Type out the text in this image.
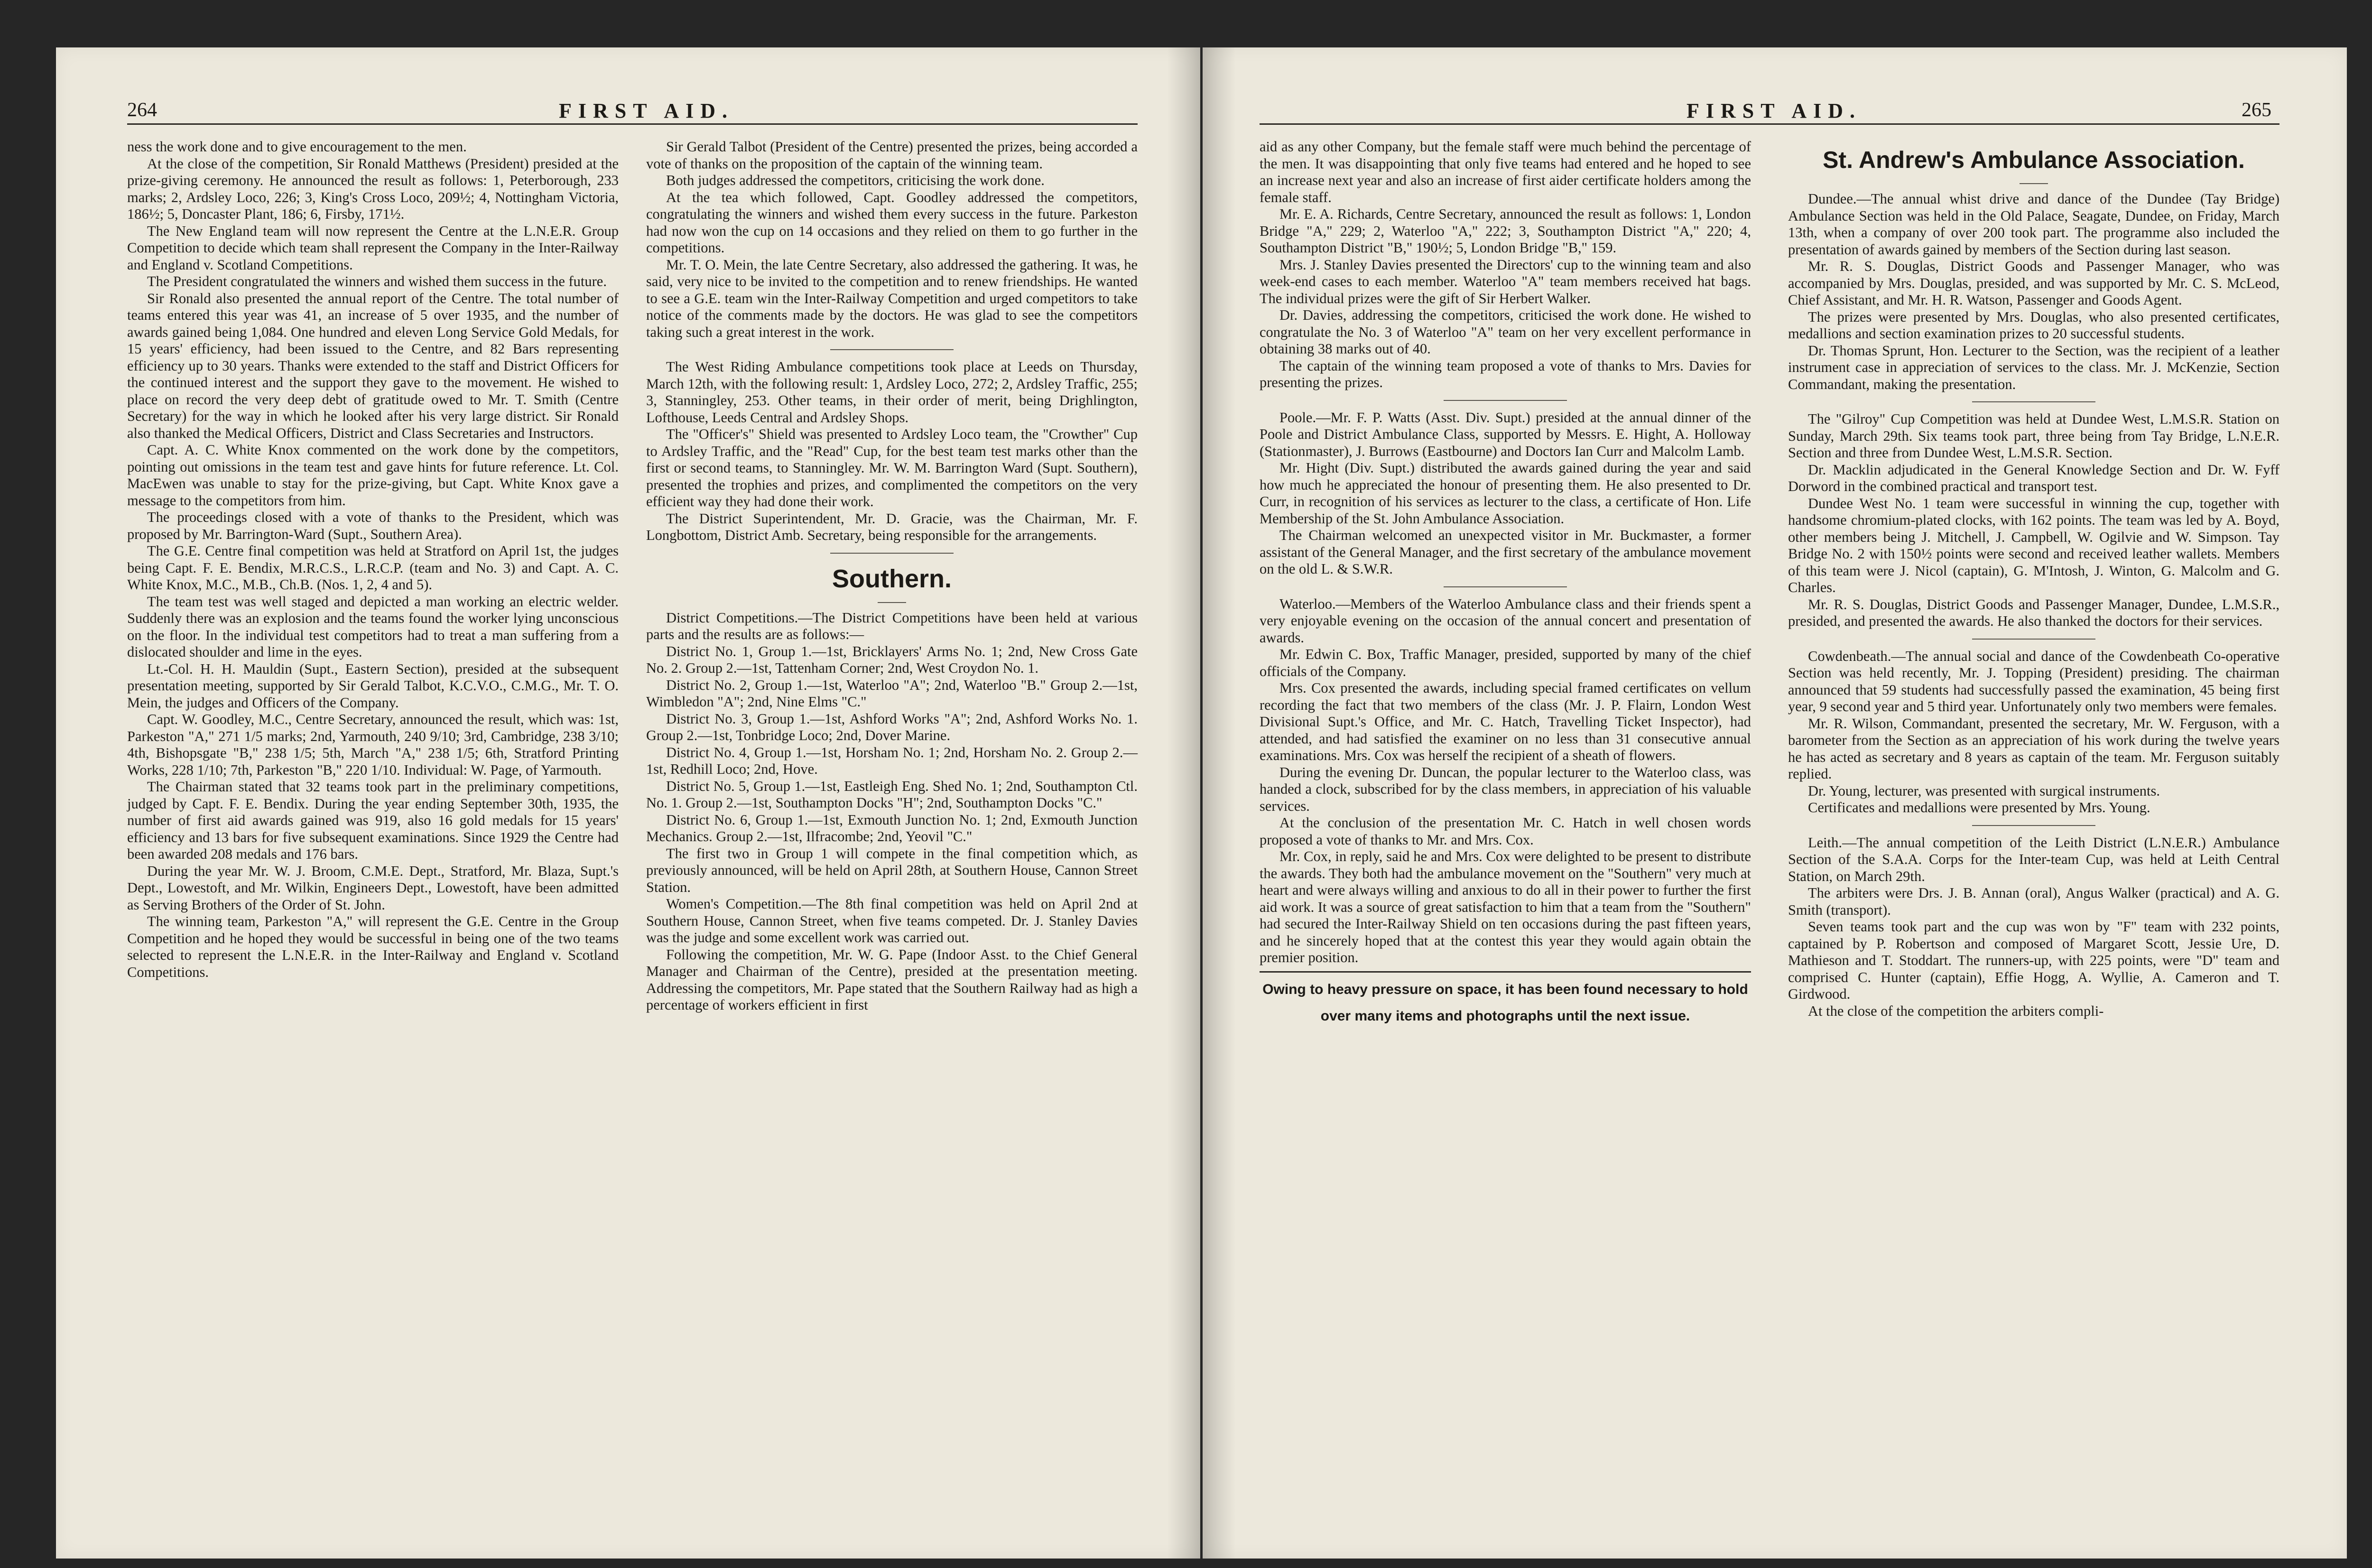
264	FIRST AID.

ness the work done and to give encouragement to the men.

At the close of the competition, Sir Ronald Matthews (President) presided at the prize-giving ceremony. He announced the result as follows: 1, Peterborough, 233 marks; 2, Ardsley Loco, 226; 3, King's Cross Loco, 209½; 4, Nottingham Victoria, 186½; 5, Doncaster Plant, 186; 6, Firsby, 171½.

The New England team will now represent the Centre at the L.N.E.R. Group Competition to decide which team shall represent the Company in the Inter-Railway and England v. Scotland Competitions.

The President congratulated the winners and wished them success in the future.

Sir Ronald also presented the annual report of the Centre. The total number of teams entered this year was 41, an increase of 5 over 1935, and the number of awards gained being 1,084. One hundred and eleven Long Service Gold Medals, for 15 years' efficiency, had been issued to the Centre, and 82 Bars representing efficiency up to 30 years. Thanks were extended to the staff and District Officers for the continued interest and the support they gave to the movement. He wished to place on record the very deep debt of gratitude owed to Mr. T. Smith (Centre Secretary) for the way in which he looked after his very large district. Sir Ronald also thanked the Medical Officers, District and Class Secretaries and Instructors.

Capt. A. C. White Knox commented on the work done by the competitors, pointing out omissions in the team test and gave hints for future reference. Lt. Col. MacEwen was unable to stay for the prize-giving, but Capt. White Knox gave a message to the competitors from him.

The proceedings closed with a vote of thanks to the President, which was proposed by Mr. Barrington-Ward (Supt., Southern Area).

The G.E. Centre final competition was held at Stratford on April 1st, the judges being Capt. F. E. Bendix, M.R.C.S., L.R.C.P. (team and No. 3) and Capt. A. C. White Knox, M.C., M.B., Ch.B. (Nos. 1, 2, 4 and 5).

The team test was well staged and depicted a man working an electric welder. Suddenly there was an explosion and the teams found the worker lying unconscious on the floor. In the individual test competitors had to treat a man suffering from a dislocated shoulder and lime in the eyes.

Lt.-Col. H. H. Mauldin (Supt., Eastern Section), presided at the subsequent presentation meeting, supported by Sir Gerald Talbot, K.C.V.O., C.M.G., Mr. T. O. Mein, the judges and Officers of the Company.

Capt. W. Goodley, M.C., Centre Secretary, announced the result, which was: 1st, Parkeston "A," 271 1/5 marks; 2nd, Yarmouth, 240 9/10; 3rd, Cambridge, 238 3/10; 4th, Bishopsgate "B," 238 1/5; 5th, March "A," 238 1/5; 6th, Stratford Printing Works, 228 1/10; 7th, Parkeston "B," 220 1/10. Individual: W. Page, of Yarmouth.

The Chairman stated that 32 teams took part in the preliminary competitions, judged by Capt. F. E. Bendix. During the year ending September 30th, 1935, the number of first aid awards gained was 919, also 16 gold medals for 15 years' efficiency and 13 bars for five subsequent examinations. Since 1929 the Centre had been awarded 208 medals and 176 bars.

During the year Mr. W. J. Broom, C.M.E. Dept., Stratford, Mr. Blaza, Supt.'s Dept., Lowestoft, and Mr. Wilkin, Engineers Dept., Lowestoft, have been admitted as Serving Brothers of the Order of St. John.

The winning team, Parkeston "A," will represent the G.E. Centre in the Group Competition and he hoped they would be successful in being one of the two teams selected to represent the L.N.E.R. in the Inter-Railway and England v. Scotland Competitions.

Sir Gerald Talbot (President of the Centre) presented the prizes, being accorded a vote of thanks on the proposition of the captain of the winning team.

Both judges addressed the competitors, criticising the work done.

At the tea which followed, Capt. Goodley addressed the competitors, congratulating the winners and wished them every success in the future. Parkeston had now won the cup on 14 occasions and they relied on them to go further in the competitions.

Mr. T. O. Mein, the late Centre Secretary, also addressed the gathering. It was, he said, very nice to be invited to the competition and to renew friendships. He wanted to see a G.E. team win the Inter-Railway Competition and urged competitors to take notice of the comments made by the doctors. He was glad to see the competitors taking such a great interest in the work.

The West Riding Ambulance competitions took place at Leeds on Thursday, March 12th, with the following result: 1, Ardsley Loco, 272; 2, Ardsley Traffic, 255; 3, Stanningley, 253. Other teams, in their order of merit, being Drighlington, Lofthouse, Leeds Central and Ardsley Shops.

The "Officer's" Shield was presented to Ardsley Loco team, the "Crowther" Cup to Ardsley Traffic, and the "Read" Cup, for the best team test marks other than the first or second teams, to Stanningley. Mr. W. M. Barrington Ward (Supt. Southern), presented the trophies and prizes, and complimented the competitors on the very efficient way they had done their work.

The District Superintendent, Mr. D. Gracie, was the Chairman, Mr. F. Longbottom, District Amb. Secretary, being responsible for the arrangements.

Southern.

District Competitions.—The District Competitions have been held at various parts and the results are as follows:—

District No. 1, Group 1.—1st, Bricklayers' Arms No. 1; 2nd, New Cross Gate No. 2. Group 2.—1st, Tattenham Corner; 2nd, West Croydon No. 1.

District No. 2, Group 1.—1st, Waterloo "A"; 2nd, Waterloo "B." Group 2.—1st, Wimbledon "A"; 2nd, Nine Elms "C."

District No. 3, Group 1.—1st, Ashford Works "A"; 2nd, Ashford Works No. 1. Group 2.—1st, Tonbridge Loco; 2nd, Dover Marine.

District No. 4, Group 1.—1st, Horsham No. 1; 2nd, Horsham No. 2. Group 2.—1st, Redhill Loco; 2nd, Hove.

District No. 5, Group 1.—1st, Eastleigh Eng. Shed No. 1; 2nd, Southampton Ctl. No. 1. Group 2.—1st, Southampton Docks "H"; 2nd, Southampton Docks "C."

District No. 6, Group 1.—1st, Exmouth Junction No. 1; 2nd, Exmouth Junction Mechanics. Group 2.—1st, Ilfracombe; 2nd, Yeovil "C."

The first two in Group 1 will compete in the final competition which, as previously announced, will be held on April 28th, at Southern House, Cannon Street Station.

Women's Competition.—The 8th final competition was held on April 2nd at Southern House, Cannon Street, when five teams competed. Dr. J. Stanley Davies was the judge and some excellent work was carried out.

Following the competition, Mr. W. G. Pape (Indoor Asst. to the Chief General Manager and Chairman of the Centre), presided at the presentation meeting. Addressing the competitors, Mr. Pape stated that the Southern Railway had as high a percentage of workers efficient in first

FIRST AID.	265

aid as any other Company, but the female staff were much behind the percentage of the men. It was disappointing that only five teams had entered and he hoped to see an increase next year and also an increase of first aider certificate holders among the female staff.

Mr. E. A. Richards, Centre Secretary, announced the result as follows: 1, London Bridge "A," 229; 2, Waterloo "A," 222; 3, Southampton District "A," 220; 4, Southampton District "B," 190½; 5, London Bridge "B," 159.

Mrs. J. Stanley Davies presented the Directors' cup to the winning team and also week-end cases to each member. Waterloo "A" team members received hat bags. The individual prizes were the gift of Sir Herbert Walker.

Dr. Davies, addressing the competitors, criticised the work done. He wished to congratulate the No. 3 of Waterloo "A" team on her very excellent performance in obtaining 38 marks out of 40.

The captain of the winning team proposed a vote of thanks to Mrs. Davies for presenting the prizes.

Poole.—Mr. F. P. Watts (Asst. Div. Supt.) presided at the annual dinner of the Poole and District Ambulance Class, supported by Messrs. E. Hight, A. Holloway (Stationmaster), J. Burrows (Eastbourne) and Doctors Ian Curr and Malcolm Lamb.

Mr. Hight (Div. Supt.) distributed the awards gained during the year and said how much he appreciated the honour of presenting them. He also presented to Dr. Curr, in recognition of his services as lecturer to the class, a certificate of Hon. Life Membership of the St. John Ambulance Association.

The Chairman welcomed an unexpected visitor in Mr. Buckmaster, a former assistant of the General Manager, and the first secretary of the ambulance movement on the old L. & S.W.R.

Waterloo.—Members of the Waterloo Ambulance class and their friends spent a very enjoyable evening on the occasion of the annual concert and presentation of awards.

Mr. Edwin C. Box, Traffic Manager, presided, supported by many of the chief officials of the Company.

Mrs. Cox presented the awards, including special framed certificates on vellum recording the fact that two members of the class (Mr. J. P. Flairn, London West Divisional Supt.'s Office, and Mr. C. Hatch, Travelling Ticket Inspector), had attended, and had satisfied the examiner on no less than 31 consecutive annual examinations. Mrs. Cox was herself the recipient of a sheath of flowers.

During the evening Dr. Duncan, the popular lecturer to the Waterloo class, was handed a clock, subscribed for by the class members, in appreciation of his valuable services.

At the conclusion of the presentation Mr. C. Hatch in well chosen words proposed a vote of thanks to Mr. and Mrs. Cox.

Mr. Cox, in reply, said he and Mrs. Cox were delighted to be present to distribute the awards. They both had the ambulance movement on the "Southern" very much at heart and were always willing and anxious to do all in their power to further the first aid work. It was a source of great satisfaction to him that a team from the "Southern" had secured the Inter-Railway Shield on ten occasions during the past fifteen years, and he sincerely hoped that at the contest this year they would again obtain the premier position.

Owing to heavy pressure on space, it has been found necessary to hold over many items and photographs until the next issue.
St. Andrew's Ambulance Association.

Dundee.—The annual whist drive and dance of the Dundee (Tay Bridge) Ambulance Section was held in the Old Palace, Seagate, Dundee, on Friday, March 13th, when a company of over 200 took part. The programme also included the presentation of awards gained by members of the Section during last season.

Mr. R. S. Douglas, District Goods and Passenger Manager, who was accompanied by Mrs. Douglas, presided, and was supported by Mr. C. S. McLeod, Chief Assistant, and Mr. H. R. Watson, Passenger and Goods Agent.

The prizes were presented by Mrs. Douglas, who also presented certificates, medallions and section examination prizes to 20 successful students.

Dr. Thomas Sprunt, Hon. Lecturer to the Section, was the recipient of a leather instrument case in appreciation of services to the class. Mr. J. McKenzie, Section Commandant, making the presentation.

The "Gilroy" Cup Competition was held at Dundee West, L.M.S.R. Station on Sunday, March 29th. Six teams took part, three being from Tay Bridge, L.N.E.R. Section and three from Dundee West, L.M.S.R. Section.

Dr. Macklin adjudicated in the General Knowledge Section and Dr. W. Fyff Dorword in the combined practical and transport test.

Dundee West No. 1 team were successful in winning the cup, together with handsome chromium-plated clocks, with 162 points. The team was led by A. Boyd, other members being J. Mitchell, J. Campbell, W. Ogilvie and W. Simpson. Tay Bridge No. 2 with 150½ points were second and received leather wallets. Members of this team were J. Nicol (captain), G. M'Intosh, J. Winton, G. Malcolm and G. Charles.

Mr. R. S. Douglas, District Goods and Passenger Manager, Dundee, L.M.S.R., presided, and presented the awards. He also thanked the doctors for their services.

Cowdenbeath.—The annual social and dance of the Cowdenbeath Co-operative Section was held recently, Mr. J. Topping (President) presiding. The chairman announced that 59 students had successfully passed the examination, 45 being first year, 9 second year and 5 third year. Unfortunately only two members were females.

Mr. R. Wilson, Commandant, presented the secretary, Mr. W. Ferguson, with a barometer from the Section as an appreciation of his work during the twelve years he has acted as secretary and 8 years as captain of the team. Mr. Ferguson suitably replied.

Dr. Young, lecturer, was presented with surgical instruments.

Certificates and medallions were presented by Mrs. Young.

Leith.—The annual competition of the Leith District (L.N.E.R.) Ambulance Section of the S.A.A. Corps for the Inter-team Cup, was held at Leith Central Station, on March 29th.

The arbiters were Drs. J. B. Annan (oral), Angus Walker (practical) and A. G. Smith (transport).

Seven teams took part and the cup was won by "F" team with 232 points, captained by P. Robertson and composed of Margaret Scott, Jessie Ure, D. Mathieson and T. Stoddart. The runners-up, with 225 points, were "D" team and comprised C. Hunter (captain), Effie Hogg, A. Wyllie, A. Cameron and T. Girdwood.

At the close of the competition the arbiters compli-
